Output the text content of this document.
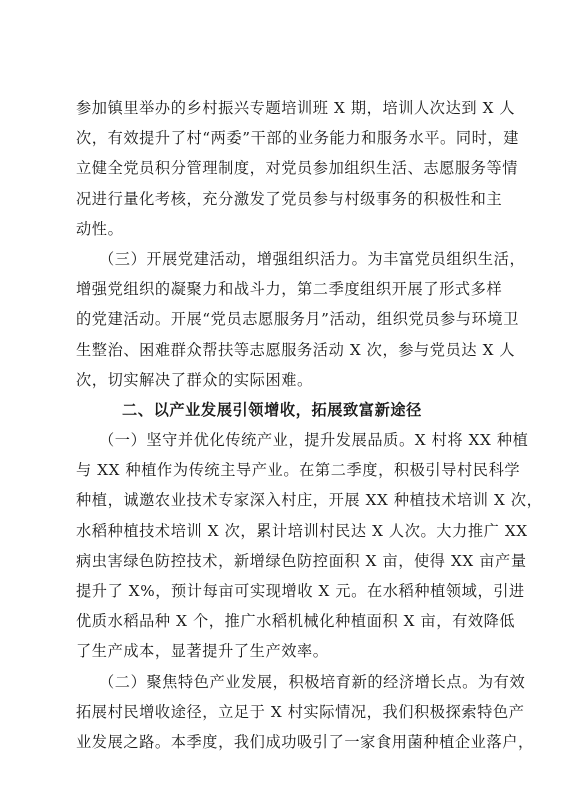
参加镇里举办的乡村振兴专题培训班 X 期，培训人次达到 X 人
次，有效提升了村“两委”干部的业务能力和服务水平。同时，建
立健全党员积分管理制度，对党员参加组织生活、志愿服务等情
况进行量化考核，充分激发了党员参与村级事务的积极性和主
动性。
（三）开展党建活动，增强组织活力。为丰富党员组织生活，
增强党组织的凝聚力和战斗力，第二季度组织开展了形式多样
的党建活动。开展“党员志愿服务月”活动，组织党员参与环境卫
生整治、困难群众帮扶等志愿服务活动 X 次，参与党员达 X 人
次，切实解决了群众的实际困难。
二、以产业发展引领增收，拓展致富新途径
（一）坚守并优化传统产业，提升发展品质。X 村将 XX 种植
与 XX 种植作为传统主导产业。在第二季度，积极引导村民科学
种植，诚邀农业技术专家深入村庄，开展 XX 种植技术培训 X 次，
水稻种植技术培训 X 次，累计培训村民达 X 人次。大力推广 XX
病虫害绿色防控技术，新增绿色防控面积 X 亩，使得 XX 亩产量
提升了 X%，预计每亩可实现增收 X 元。在水稻种植领域，引进
优质水稻品种 X 个，推广水稻机械化种植面积 X 亩，有效降低
了生产成本，显著提升了生产效率。
（二）聚焦特色产业发展，积极培育新的经济增长点。为有效
拓展村民增收途径，立足于 X 村实际情况，我们积极探索特色产
业发展之路。本季度，我们成功吸引了一家食用菌种植企业落户，
